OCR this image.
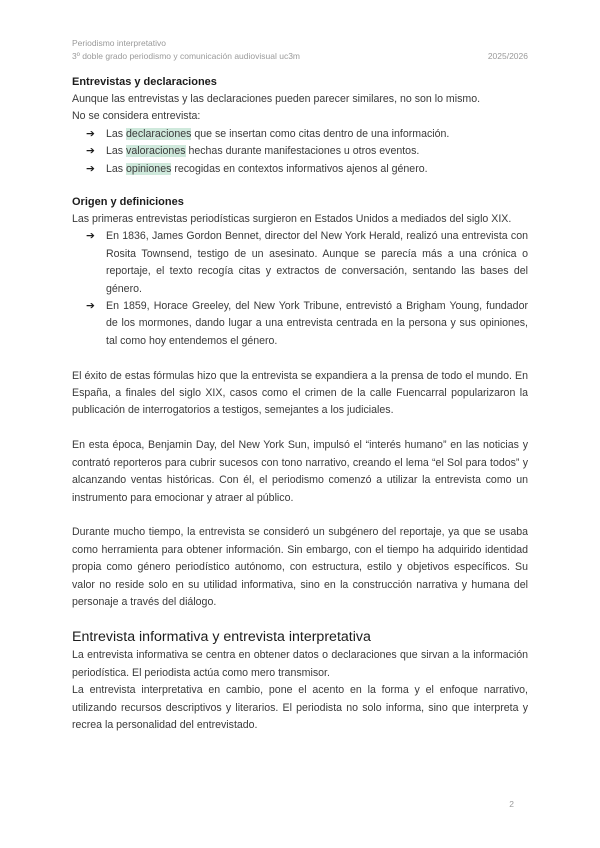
Periodismo interpretativo
3º doble grado periodismo y comunicación audiovisual uc3m	2025/2026
Entrevistas y declaraciones

Aunque las entrevistas y las declaraciones pueden parecer similares, no son lo mismo.

No se considera entrevista:

➔ Las declaraciones que se insertan como citas dentro de una información.
➔ Las valoraciones hechas durante manifestaciones u otros eventos.
➔ Las opiniones recogidas en contextos informativos ajenos al género.
Origen y definiciones

Las primeras entrevistas periodísticas surgieron en Estados Unidos a mediados del siglo XIX.

➔ En 1836, James Gordon Bennet, director del New York Herald, realizó una entrevista con Rosita Townsend, testigo de un asesinato. Aunque se parecía más a una crónica o reportaje, el texto recogía citas y extractos de conversación, sentando las bases del género.
➔ En 1859, Horace Greeley, del New York Tribune, entrevistó a Brigham Young, fundador de los mormones, dando lugar a una entrevista centrada en la persona y sus opiniones, tal como hoy entendemos el género.

El éxito de estas fórmulas hizo que la entrevista se expandiera a la prensa de todo el mundo. En España, a finales del siglo XIX, casos como el crimen de la calle Fuencarral popularizaron la publicación de interrogatorios a testigos, semejantes a los judiciales.

En esta época, Benjamin Day, del New York Sun, impulsó el “interés humano” en las noticias y contrató reporteros para cubrir sucesos con tono narrativo, creando el lema “el Sol para todos” y alcanzando ventas históricas. Con él, el periodismo comenzó a utilizar la entrevista como un instrumento para emocionar y atraer al público.

Durante mucho tiempo, la entrevista se consideró un subgénero del reportaje, ya que se usaba como herramienta para obtener información. Sin embargo, con el tiempo ha adquirido identidad propia como género periodístico autónomo, con estructura, estilo y objetivos específicos. Su valor no reside solo en su utilidad informativa, sino en la construcción narrativa y humana del personaje a través del diálogo.

Entrevista informativa y entrevista interpretativa

La entrevista informativa se centra en obtener datos o declaraciones que sirvan a la información periodística. El periodista actúa como mero transmisor.

La entrevista interpretativa en cambio, pone el acento en la forma y el enfoque narrativo, utilizando recursos descriptivos y literarios. El periodista no solo informa, sino que interpreta y recrea la personalidad del entrevistado.

2
